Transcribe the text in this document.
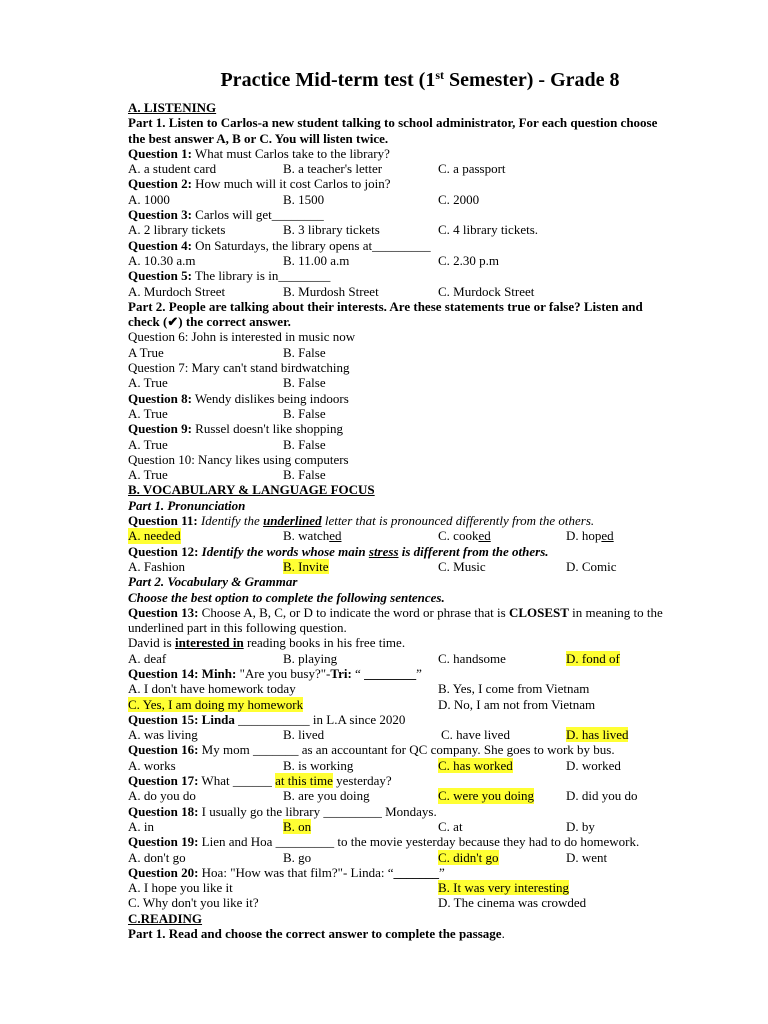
Practice Mid-term test (1st Semester) - Grade 8
A. LISTENING
Part 1. Listen to Carlos-a new student talking to school administrator, For each question choose
the best answer A, B or C. You will listen twice.
Question 1: What must Carlos take to the library?
A. a student card	B. a teacher's letter	C. a passport
Question 2: How much will it cost Carlos to join?
A. 1000	B. 1500	C. 2000
Question 3: Carlos will get________
A. 2 library tickets	B. 3 library tickets	C. 4 library tickets.
Question 4: On Saturdays, the library opens at_________
A. 10.30 a.m	B. 11.00 a.m	C. 2.30 p.m
Question 5: The library is in________
A. Murdoch Street	B. Murdosh Street	C. Murdock Street
Part 2. People are talking about their interests. Are these statements true or false? Listen and
check (✔) the correct answer.
Question 6: John is interested in music now
A True	B. False
Question 7: Mary can't stand birdwatching
A. True	B. False
Question 8: Wendy dislikes being indoors
A. True	B. False
Question 9: Russel doesn't like shopping
A. True	B. False
Question 10: Nancy likes using computers
A. True	B. False
B. VOCABULARY & LANGUAGE FOCUS
Part 1. Pronunciation
Question 11: Identify the underlined letter that is pronounced differently from the others.
A. needed	B. watched	C. cooked	D. hoped
Question 12: Identify the words whose main stress is different from the others.
A. Fashion	B. Invite	C. Music	D. Comic
Part 2. Vocabulary & Grammar
Choose the best option to complete the following sentences.
Question 13: Choose A, B, C, or D to indicate the word or phrase that is CLOSEST in meaning to the
underlined part in this following question.
David is interested in reading books in his free time.
A. deaf	B. playing	C. handsome	D. fond of
Question 14: Minh: "Are you busy?"-Tri: “ ________”
A. I don't have homework today	B. Yes, I come from Vietnam
C. Yes, I am doing my homework	D. No, I am not from Vietnam
Question 15: Linda ___________ in L.A since 2020
A. was living	B. lived	C. have lived	D. has lived
Question 16: My mom _______ as an accountant for QC company. She goes to work by bus.
A. works	B. is working	C. has worked	D. worked
Question 17: What ______ at this time yesterday?
A. do you do	B. are you doing	C. were you doing D. did you do
Question 18: I usually go the library _________ Mondays.
A. in	B. on	C. at	D. by
Question 19: Lien and Hoa _________ to the movie yesterday because they had to do homework.
A. don't go	B. go	C. didn't go	D. went
Question 20: Hoa: "How was that film?"- Linda: “_______”
A. I hope you like it	B. It was very interesting
C. Why don't you like it?	D. The cinema was crowded
C.READING
Part 1. Read and choose the correct answer to complete the passage.
